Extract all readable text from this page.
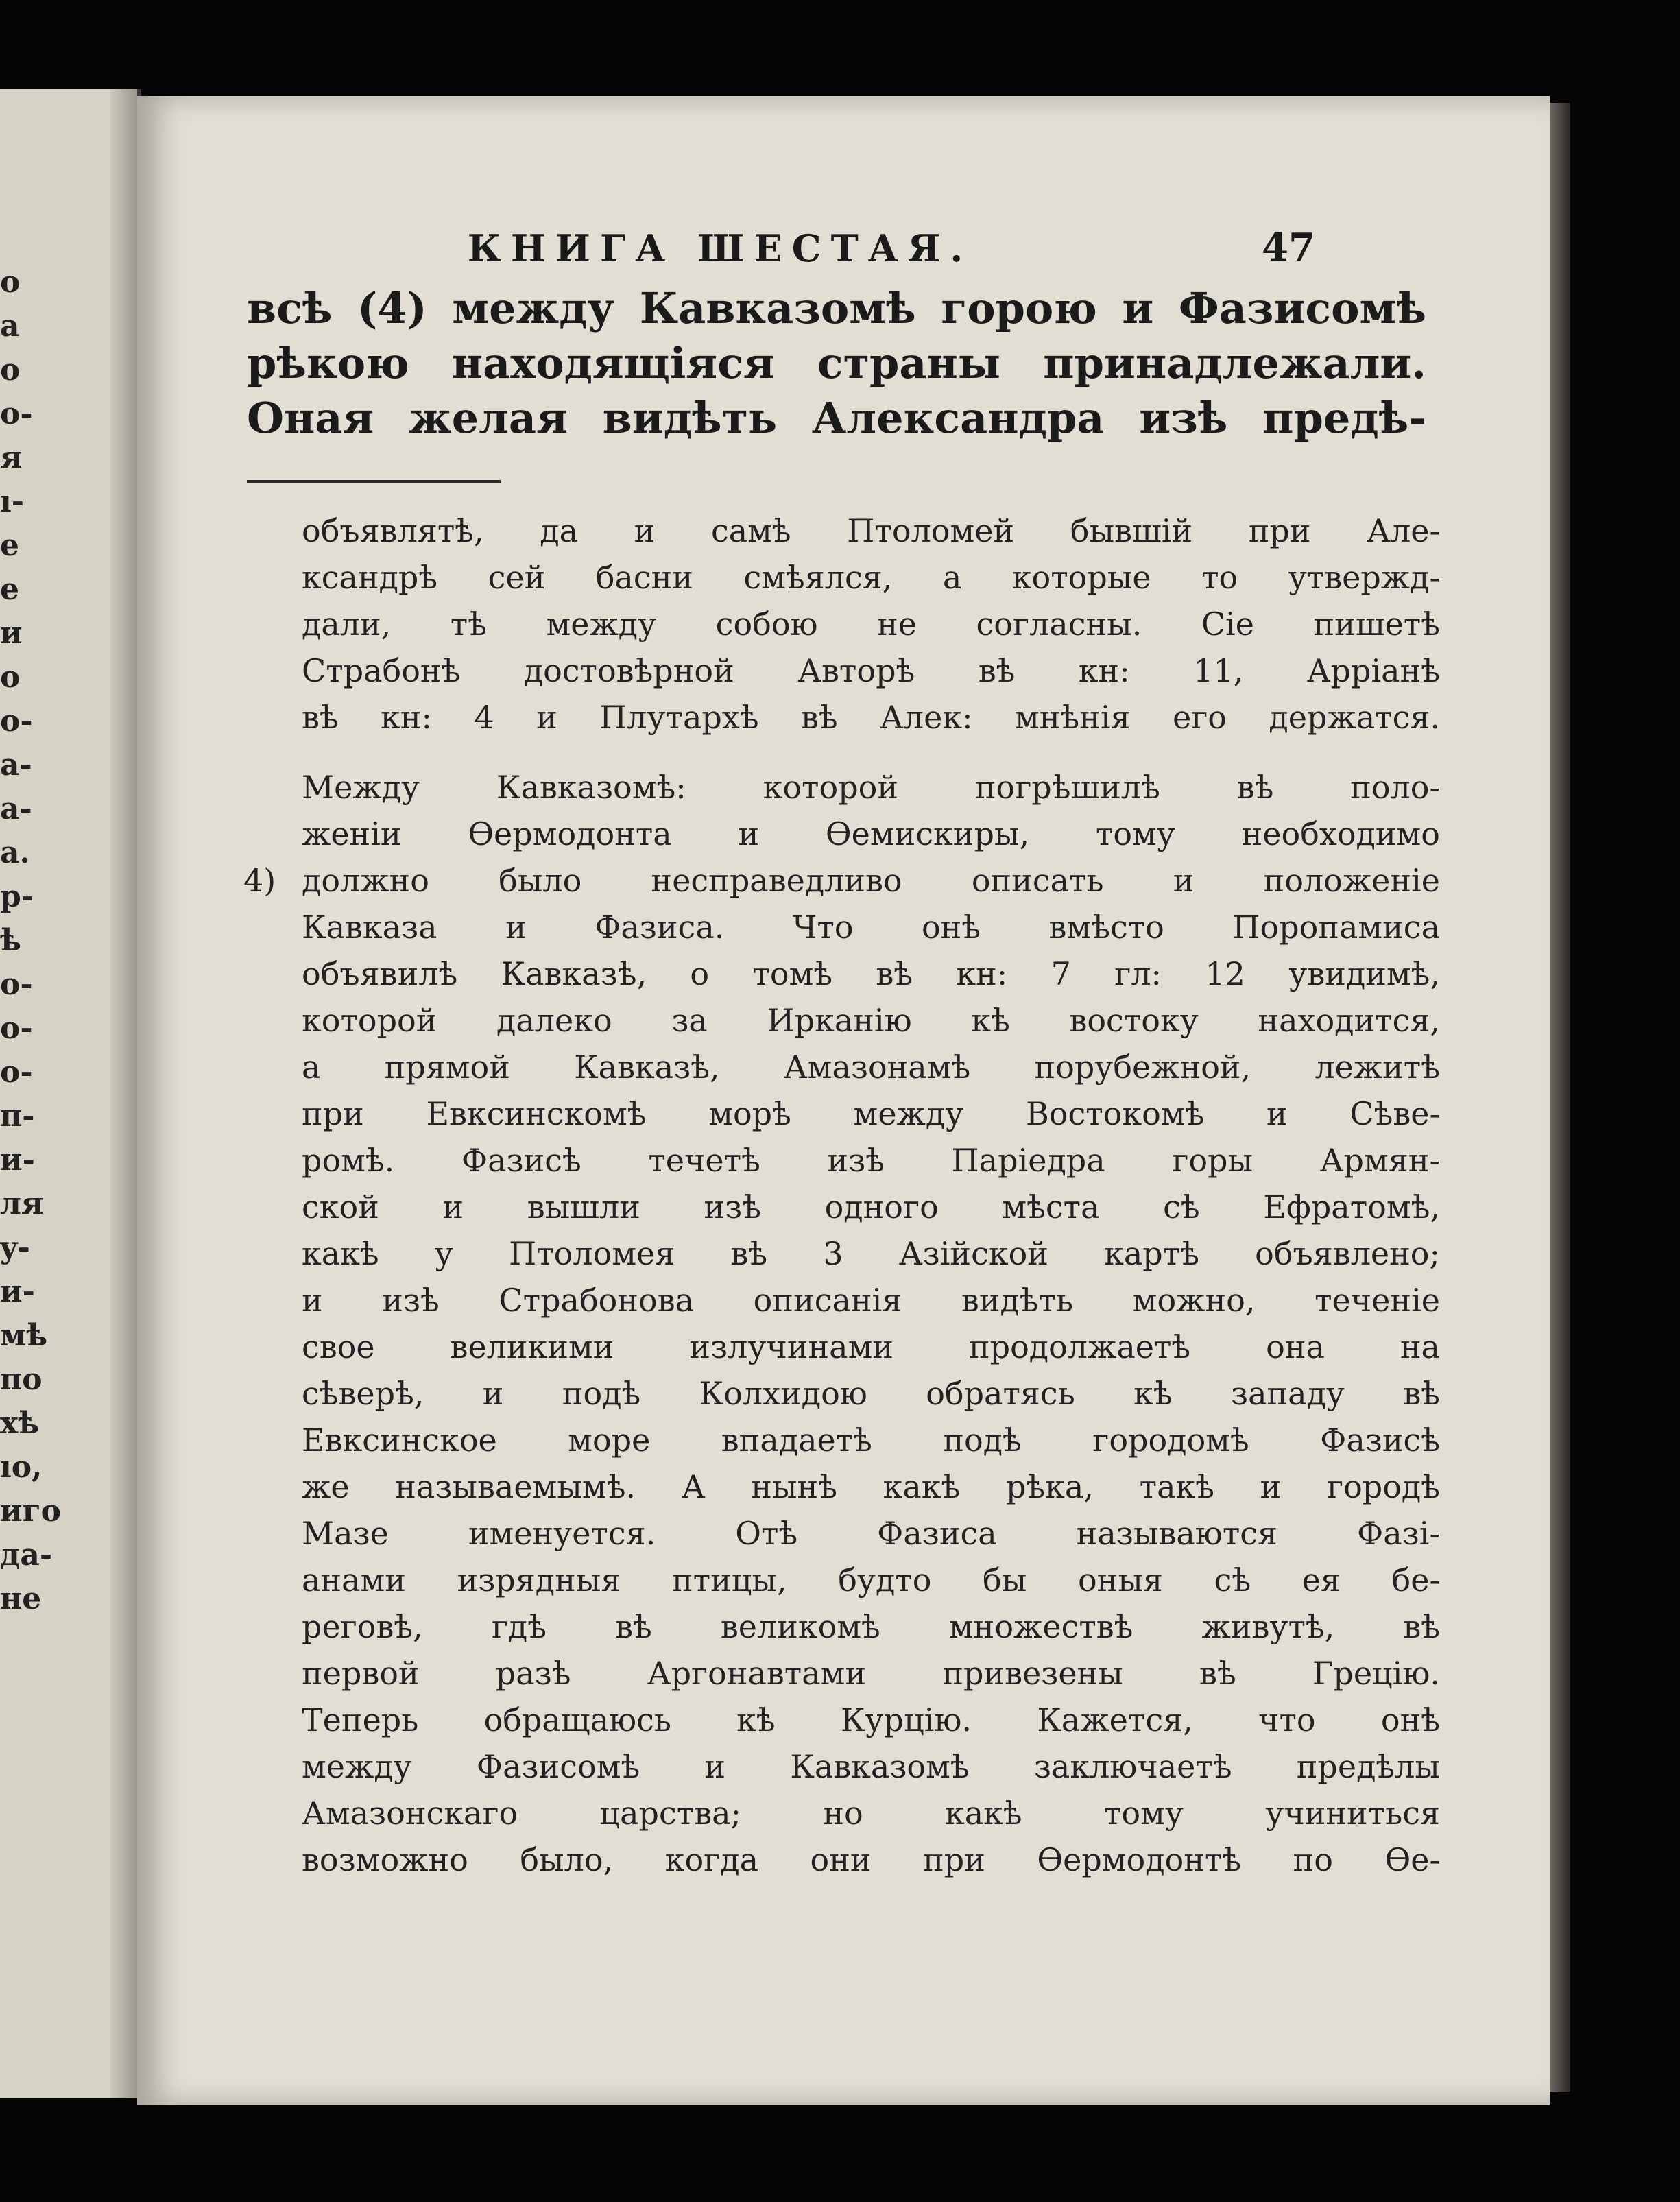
o
a
o
o-
я
ı-
e
e
и
o
o-
a-
a-
a.
p-
ѣ
o-
o-
o-
п-
и-
ля
y-
и-
мѣ
по
хѣ
ıo,
иго
да-
не
КНИГА ШЕСТАЯ.	47
всѣ (4) между Кавказомѣ горою и Фазисомѣ
рѣкою находящіяся страны принадлежали.
Оная желая видѣть Александра изѣ предѣ-
4)
объявлятѣ, да и самѣ Птоломей бывшій при Але-
ксандрѣ сей басни смѣялся, а которые то утвержд-
дали, тѣ между собою не согласны. Сіе пишетѣ
Страбонѣ достовѣрной Авторѣ вѣ кн: 11, Арріанѣ
вѣ кн: 4 и Плутархѣ вѣ Алек: мнѣнія его держатся.
Между Кавказомѣ: которой погрѣшилѣ вѣ поло-
женіи Ѳермодонта и Ѳемискиры, тому необходимо
должно было несправедливо описать и положеніе
Кавказа и Фазиса. Что онѣ вмѣсто Поропамиса
объявилѣ Кавказѣ, о томѣ вѣ кн: 7 гл: 12 увидимѣ,
которой далеко за Ирканію кѣ востоку находится,
а прямой Кавказѣ, Амазонамѣ порубежной, лежитѣ
при Евксинскомѣ морѣ между Востокомѣ и Сѣве-
ромѣ. Фазисѣ течетѣ изѣ Паріедра горы Армян-
ской и вышли изѣ одного мѣста сѣ Ефратомѣ,
какѣ у Птоломея вѣ 3 Азійской картѣ объявлено;
и изѣ Страбонова описанія видѣть можно, теченіе
свое великими излучинами продолжаетѣ она на
сѣверѣ, и подѣ Колхидою обратясь кѣ западу вѣ
Евксинское море впадаетѣ подѣ городомѣ Фазисѣ
же называемымѣ. А нынѣ какѣ рѣка, такѣ и городѣ
Мазе именуется. Отѣ Фазиса называются Фазі-
анами изрядныя птицы, будто бы оныя сѣ ея бе-
реговѣ, гдѣ вѣ великомѣ множествѣ живутѣ, вѣ
первой разѣ Аргонавтами привезены вѣ Грецію.
Теперь обращаюсь кѣ Курцію. Кажется, что онѣ
между Фазисомѣ и Кавказомѣ заключаетѣ предѣлы
Амазонскаго царства; но какѣ тому учиниться
возможно было, когда они при Ѳермодонтѣ по Ѳе-
